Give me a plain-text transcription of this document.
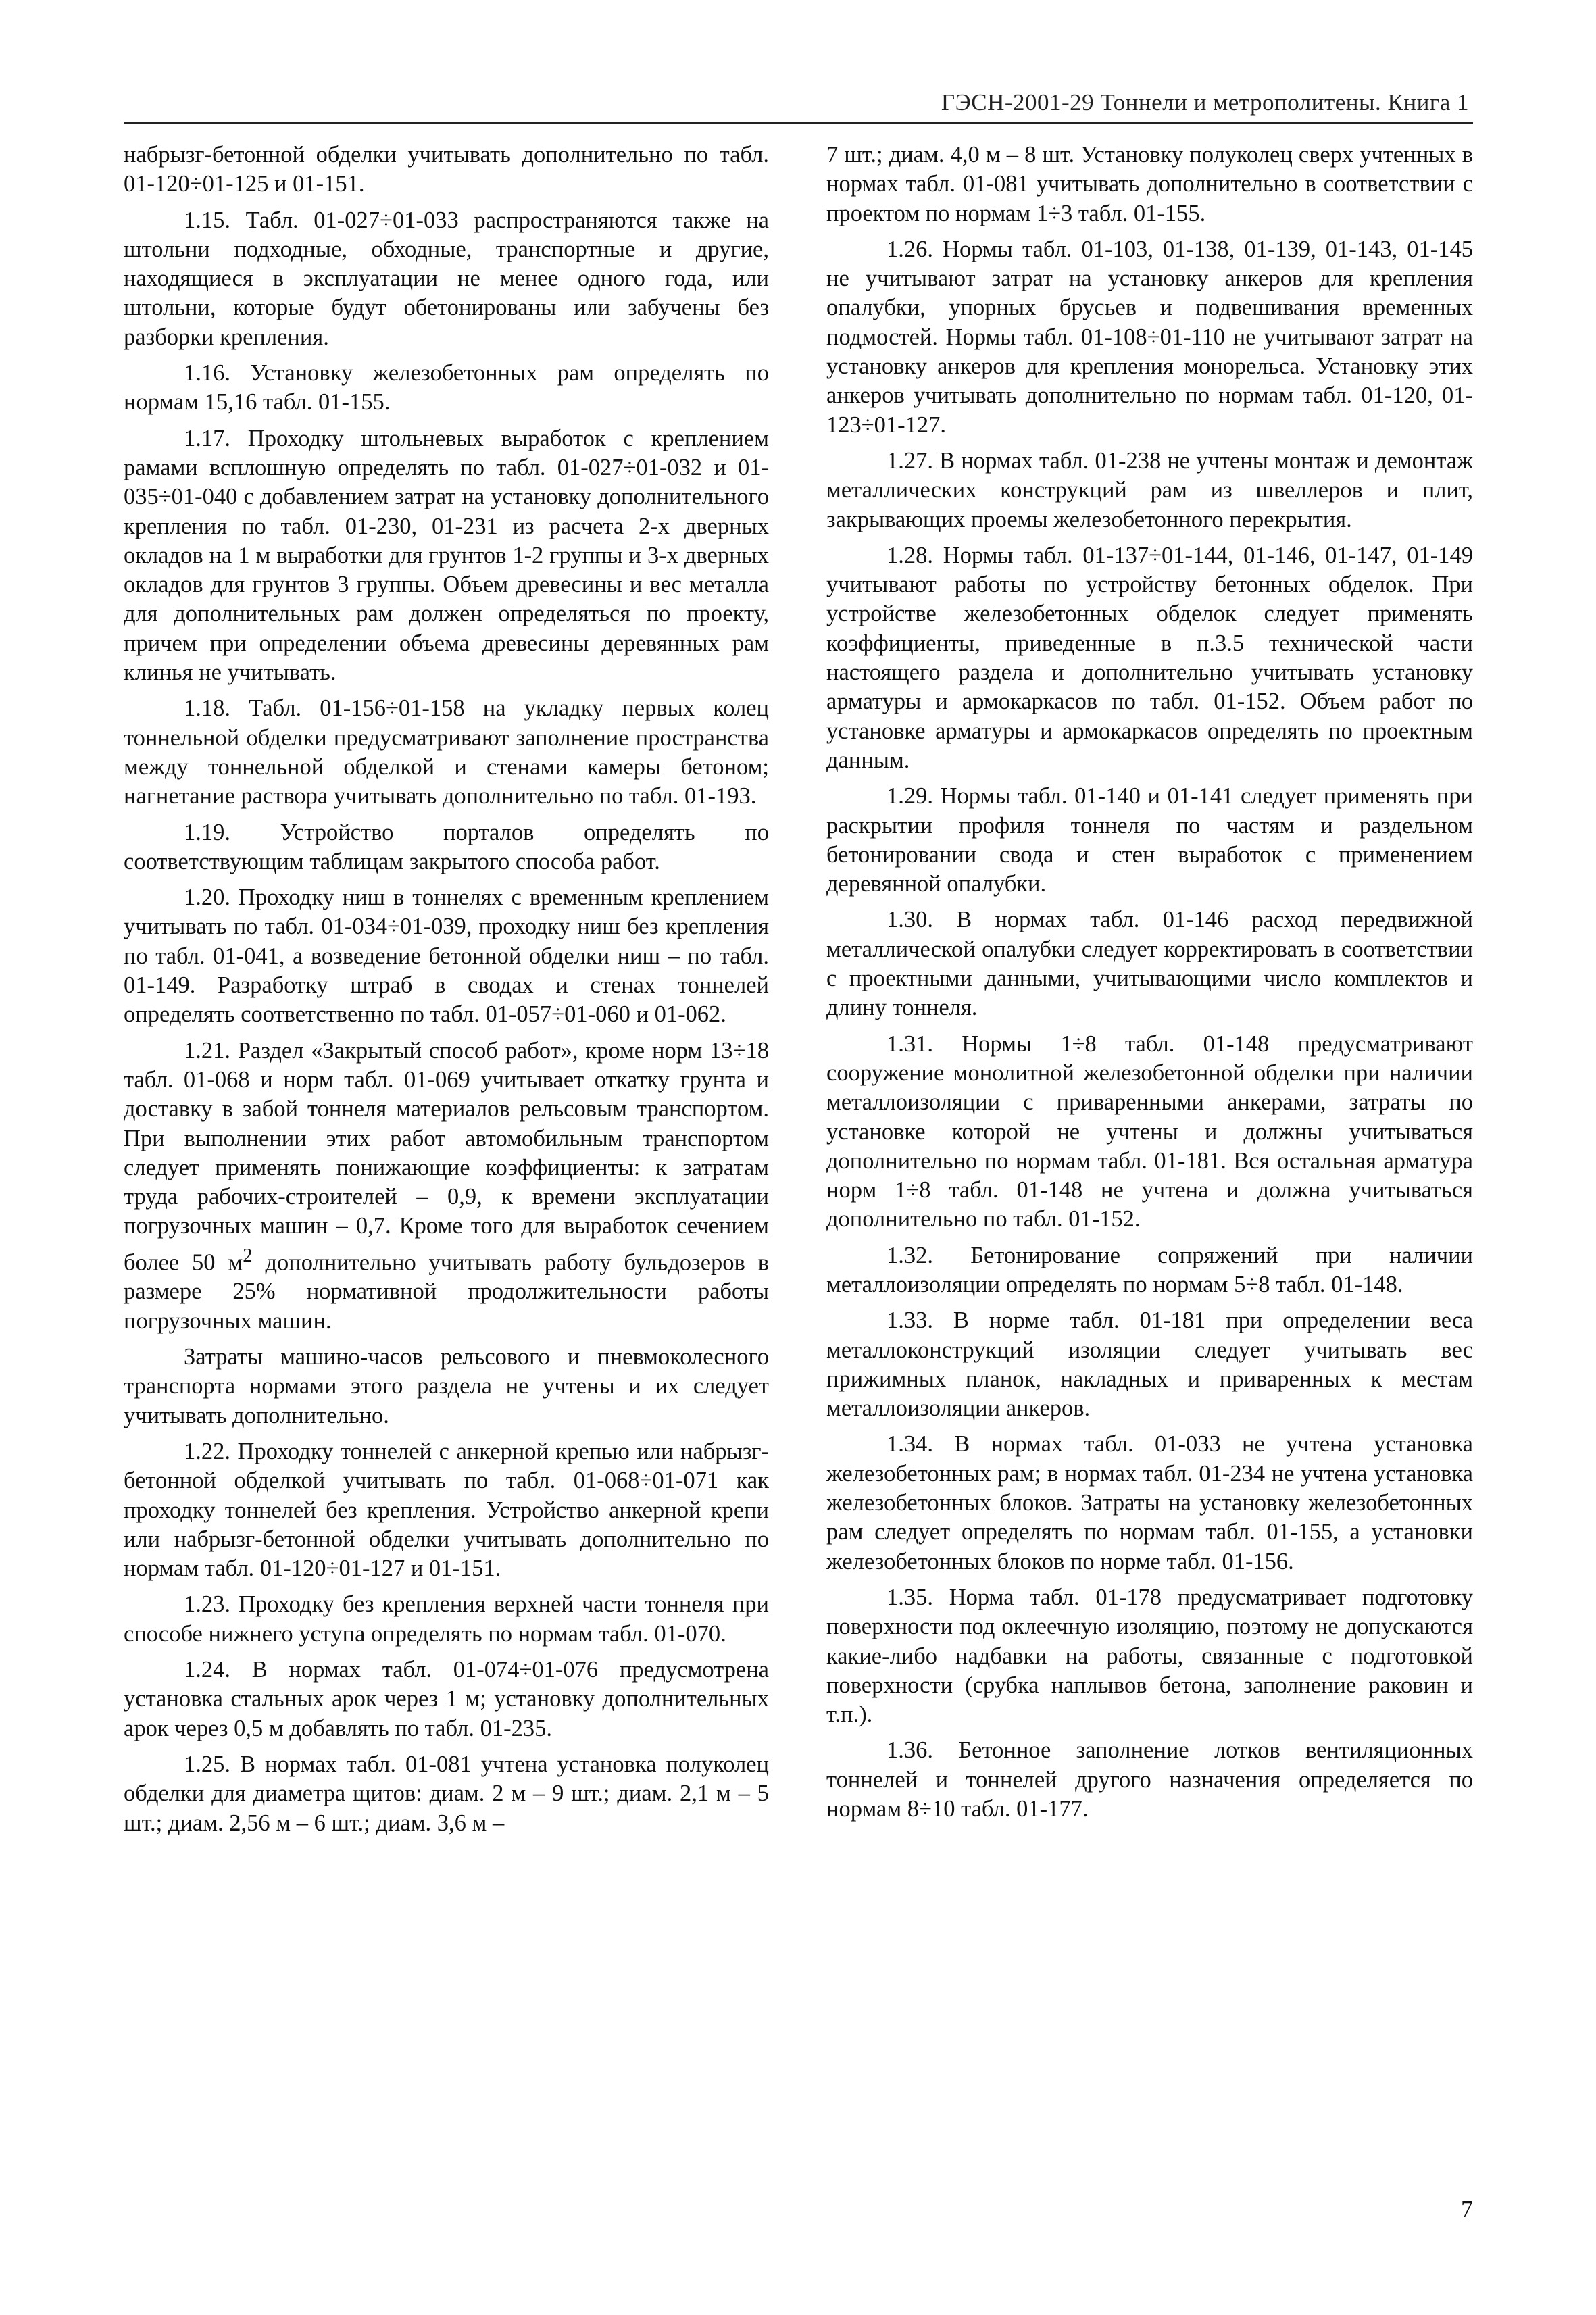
ГЭСН-2001-29 Тоннели и метрополитены. Книга 1

набрызг-бетонной обделки учитывать дополнительно по табл. 01-120÷01-125 и 01-151.

1.15. Табл. 01-027÷01-033 распространяются также на штольни подходные, обходные, транспортные и другие, находящиеся в эксплуатации не менее одного года, или штольни, которые будут обетонированы или забучены без разборки крепления.

1.16. Установку железобетонных рам определять по нормам 15,16 табл. 01-155.

1.17. Проходку штольневых выработок с креплением рамами всплошную определять по табл. 01-027÷01-032 и 01-035÷01-040 с добавлением затрат на установку дополнительного крепления по табл. 01-230, 01-231 из расчета 2-х дверных окладов на 1 м выработки для грунтов 1-2 группы и 3-х дверных окладов для грунтов 3 группы. Объем древесины и вес металла для дополнительных рам должен определяться по проекту, причем при определении объема древесины деревянных рам клинья не учитывать.

1.18. Табл. 01-156÷01-158 на укладку первых колец тоннельной обделки предусматривают заполнение пространства между тоннельной обделкой и стенами камеры бетоном; нагнетание раствора учитывать дополнительно по табл. 01-193.

1.19. Устройство порталов определять по соответствующим таблицам закрытого способа работ.

1.20. Проходку ниш в тоннелях с временным креплением учитывать по табл. 01-034÷01-039, проходку ниш без крепления по табл. 01-041, а возведение бетонной обделки ниш – по табл. 01-149. Разработку штраб в сводах и стенах тоннелей определять соответственно по табл. 01-057÷01-060 и 01-062.

1.21. Раздел «Закрытый способ работ», кроме норм 13÷18 табл. 01-068 и норм табл. 01-069 учитывает откатку грунта и доставку в забой тоннеля материалов рельсовым транспортом. При выполнении этих работ автомобильным транспортом следует применять понижающие коэффициенты: к затратам труда рабочих-строителей – 0,9, к времени эксплуатации погрузочных машин – 0,7. Кроме того для выработок сечением более 50 $м^2$ дополнительно учитывать работу бульдозеров в размере 25% нормативной продолжительности работы погрузочных машин.

Затраты машино-часов рельсового и пневмоколесного транспорта нормами этого раздела не учтены и их следует учитывать дополнительно.

1.22. Проходку тоннелей с анкерной крепью или набрызг-бетонной обделкой учитывать по табл. 01-068÷01-071 как проходку тоннелей без крепления. Устройство анкерной крепи или набрызг-бетонной обделки учитывать дополнительно по нормам табл. 01-120÷01-127 и 01-151.

1.23. Проходку без крепления верхней части тоннеля при способе нижнего уступа определять по нормам табл. 01-070.

1.24. В нормах табл. 01-074÷01-076 предусмотрена установка стальных арок через 1 м; установку дополнительных арок через 0,5 м добавлять по табл. 01-235.

1.25. В нормах табл. 01-081 учтена установка полуколец обделки для диаметра щитов: диам. 2 м – 9 шт.; диам. 2,1 м – 5 шт.; диам. 2,56 м – 6 шт.; диам. 3,6 м –

7 шт.; диам. 4,0 м – 8 шт. Установку полуколец сверх учтенных в нормах табл. 01-081 учитывать дополнительно в соответствии с проектом по нормам 1÷3 табл. 01-155.

1.26. Нормы табл. 01-103, 01-138, 01-139, 01-143, 01-145 не учитывают затрат на установку анкеров для крепления опалубки, упорных брусьев и подвешивания временных подмостей. Нормы табл. 01-108÷01-110 не учитывают затрат на установку анкеров для крепления монорельса. Установку этих анкеров учитывать дополнительно по нормам табл. 01-120, 01-123÷01-127.

1.27. В нормах табл. 01-238 не учтены монтаж и демонтаж металлических конструкций рам из швеллеров и плит, закрывающих проемы железобетонного перекрытия.

1.28. Нормы табл. 01-137÷01-144, 01-146, 01-147, 01-149 учитывают работы по устройству бетонных обделок. При устройстве железобетонных обделок следует применять коэффициенты, приведенные в п.3.5 технической части настоящего раздела и дополнительно учитывать установку арматуры и армокаркасов по табл. 01-152. Объем работ по установке арматуры и армокаркасов определять по проектным данным.

1.29. Нормы табл. 01-140 и 01-141 следует применять при раскрытии профиля тоннеля по частям и раздельном бетонировании свода и стен выработок с применением деревянной опалубки.

1.30. В нормах табл. 01-146 расход передвижной металлической опалубки следует корректировать в соответствии с проектными данными, учитывающими число комплектов и длину тоннеля.

1.31. Нормы 1÷8 табл. 01-148 предусматривают сооружение монолитной железобетонной обделки при наличии металлоизоляции с приваренными анкерами, затраты по установке которой не учтены и должны учитываться дополнительно по нормам табл. 01-181. Вся остальная арматура норм 1÷8 табл. 01-148 не учтена и должна учитываться дополнительно по табл. 01-152.

1.32. Бетонирование сопряжений при наличии металлоизоляции определять по нормам 5÷8 табл. 01-148.

1.33. В норме табл. 01-181 при определении веса металлоконструкций изоляции следует учитывать вес прижимных планок, накладных и приваренных к местам металлоизоляции анкеров.

1.34. В нормах табл. 01-033 не учтена установка железобетонных рам; в нормах табл. 01-234 не учтена установка железобетонных блоков. Затраты на установку железобетонных рам следует определять по нормам табл. 01-155, а установки железобетонных блоков по норме табл. 01-156.

1.35. Норма табл. 01-178 предусматривает подготовку поверхности под оклеечную изоляцию, поэтому не допускаются какие-либо надбавки на работы, связанные с подготовкой поверхности (срубка наплывов бетона, заполнение раковин и т.п.).

1.36. Бетонное заполнение лотков вентиляционных тоннелей и тоннелей другого назначения определяется по нормам 8÷10 табл. 01-177.

7
